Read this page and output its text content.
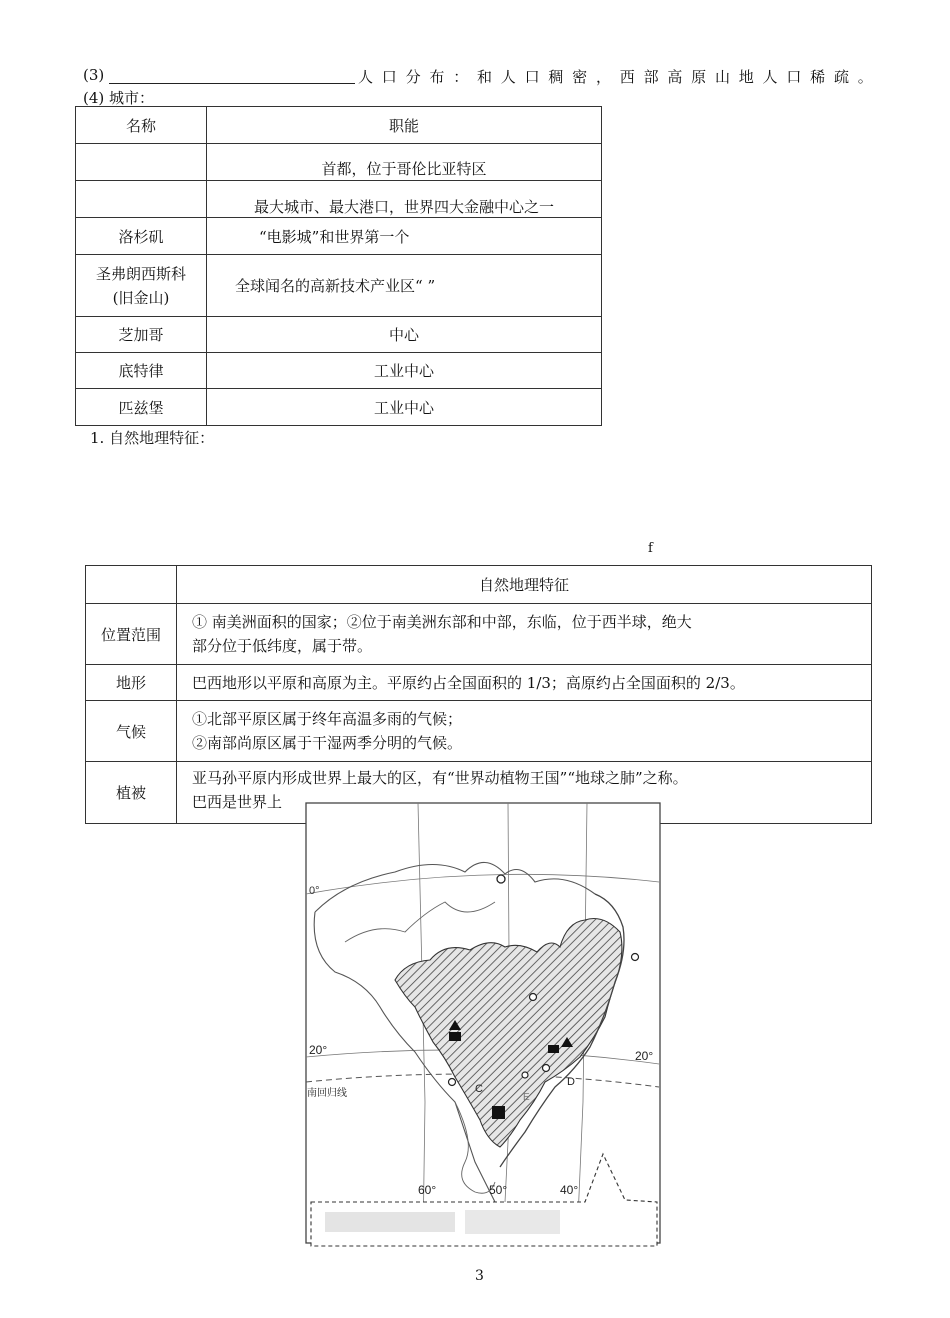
(3)	人 口 分 布 ： 和 人 口 稠 密 ， 西 部 高 原 山 地 人 口 稀 疏 。
(4) 城市：
名称	职能
	首都，位于哥伦比亚特区
	最大城市、最大港口，世界四大金融中心之一
洛杉矶	“电影城”和世界第一个
圣弗朗西斯科
(旧金山)	全球闻名的高新技术产业区“ ”
芝加哥	中心
底特律	工业中心
匹兹堡	工业中心
1. 自然地理特征：
f
	自然地理特征
位置范围	① 南美洲面积的国家；②位于南美洲东部和中部，东临，位于西半球，绝大
部分位于低纬度，属于带。

地形	巴西地形以平原和高原为主。平原约占全国面积的 1/3；高原约占全国面积的 2/3。
气候	①北部平原区属于终年高温多雨的气候；
②南部尚原区属于干湿两季分明的气候。

植被	亚马孙平原内形成世界上最大的区，有“世界动植物王国”“地球之肺”之称。
巴西是世界上
0°
20°	20°
南回归线	C
D
E
60°	50°	40°
3
